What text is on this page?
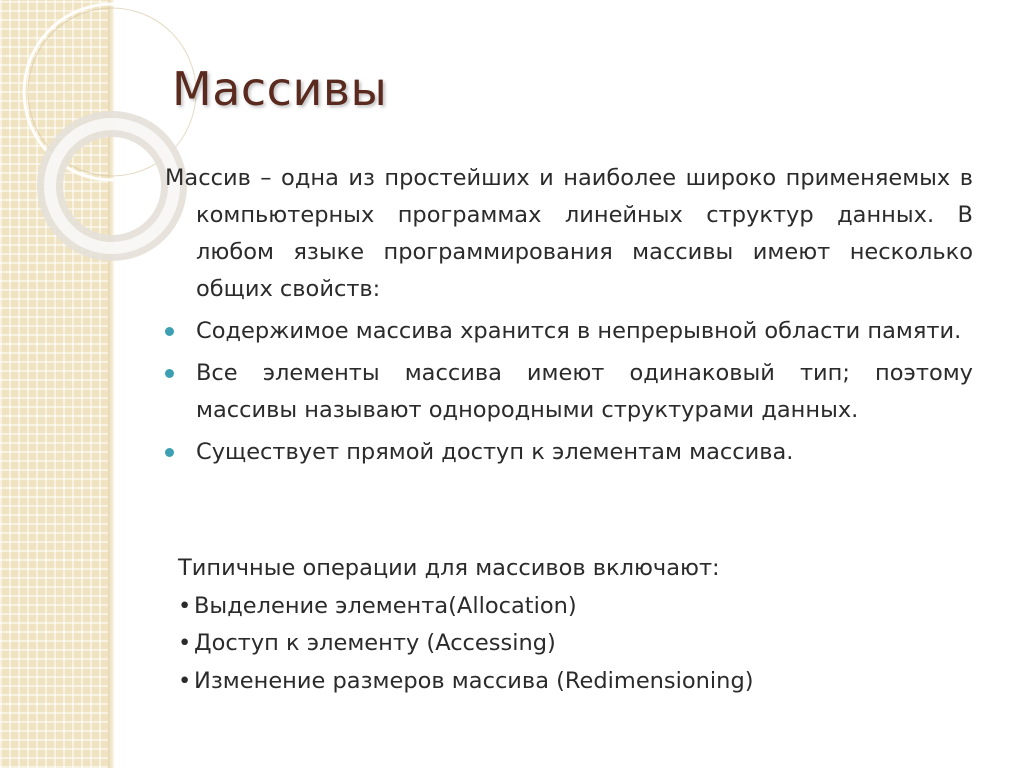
Массивы

Массив – одна из простейших и наиболее широко применяемых в компьютерных программах линейных структур данных. В любом языке программирования массивы имеют несколько общих свойств:

Содержимое массива хранится в непрерывной области памяти.
Все элементы массива имеют одинаковый тип; поэтому массивы называют однородными структурами данных.
Существует прямой доступ к элементам массива.

Типичные операции для массивов включают:

• Выделение элемента(Allocation)

• Доступ к элементу (Accessing)

• Изменение размеров массива (Redimensioning)
